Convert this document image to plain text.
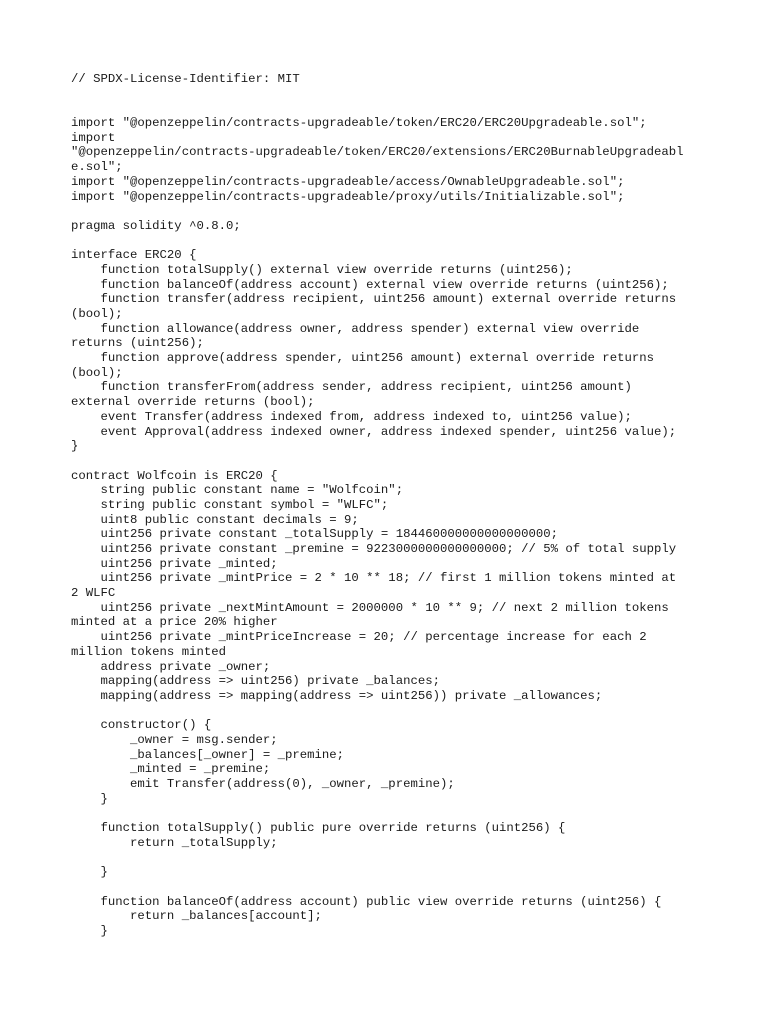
// SPDX-License-Identifier: MIT
import "@openzeppelin/contracts-upgradeable/token/ERC20/ERC20Upgradeable.sol";
import
"@openzeppelin/contracts-upgradeable/token/ERC20/extensions/ERC20BurnableUpgradeabl
e.sol";
import "@openzeppelin/contracts-upgradeable/access/OwnableUpgradeable.sol";
import "@openzeppelin/contracts-upgradeable/proxy/utils/Initializable.sol";
pragma solidity ^0.8.0;
interface ERC20 {
function totalSupply() external view override returns (uint256);
function balanceOf(address account) external view override returns (uint256);
function transfer(address recipient, uint256 amount) external override returns
(bool);
function allowance(address owner, address spender) external view override
returns (uint256);
function approve(address spender, uint256 amount) external override returns
(bool);
function transferFrom(address sender, address recipient, uint256 amount)
external override returns (bool);
event Transfer(address indexed from, address indexed to, uint256 value);
event Approval(address indexed owner, address indexed spender, uint256 value);
}
contract Wolfcoin is ERC20 {
string public constant name = "Wolfcoin";
string public constant symbol = "WLFC";
uint8 public constant decimals = 9;
uint256 private constant _totalSupply = 184460000000000000000;
uint256 private constant _premine = 9223000000000000000; // 5% of total supply
uint256 private _minted;
uint256 private _mintPrice = 2 * 10 ** 18; // first 1 million tokens minted at
2 WLFC
uint256 private _nextMintAmount = 2000000 * 10 ** 9; // next 2 million tokens
minted at a price 20% higher
uint256 private _mintPriceIncrease = 20; // percentage increase for each 2
million tokens minted
address private _owner;
mapping(address => uint256) private _balances;
mapping(address => mapping(address => uint256)) private _allowances;
constructor() {
_owner = msg.sender;
_balances[_owner] = _premine;
_minted = _premine;
emit Transfer(address(0), _owner, _premine);
}
function totalSupply() public pure override returns (uint256) {
return _totalSupply;
}
function balanceOf(address account) public view override returns (uint256) {
return _balances[account];
}
